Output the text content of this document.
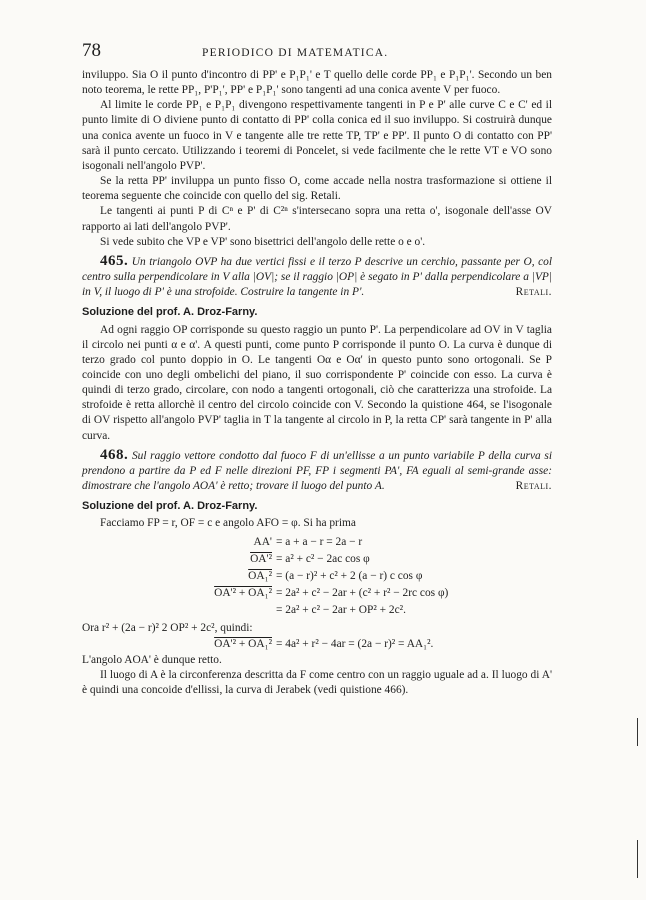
78	PERIODICO DI MATEMATICA.

inviluppo. Sia O il punto d'incontro di PP' e P₁P₁' e T quello delle corde PP₁ e P₁P₁'. Secondo un ben noto teorema, le rette PP₁, P'P₁', PP' e P₁P₁' sono tangenti ad una conica avente V per fuoco.

Al limite le corde PP₁ e P₁P₁ divengono respettivamente tangenti in P e P' alle curve C e C' ed il punto limite di O diviene punto di contatto di PP' colla conica ed il suo inviluppo. Si costruirà dunque una conica avente un fuoco in V e tangente alle tre rette TP, TP' e PP'. Il punto O di contatto con PP' sarà il punto cercato. Utilizzando i teoremi di Poncelet, si vede facilmente che le rette VT e VO sono isogonali nell'angolo PVP'.

Se la retta PP' inviluppa un punto fisso O, come accade nella nostra trasformazione si ottiene il teorema seguente che coincide con quello del sig. Retali.

Le tangenti ai punti P di Cⁿ e P' di C²ⁿ s'intersecano sopra una retta o', isogonale dell'asse OV rapporto ai lati dell'angolo PVP'.

Si vede subito che VP e VP' sono bisettrici dell'angolo delle rette o e o'.

465. Un triangolo OVP ha due vertici fissi e il terzo P descrive un cerchio, passante per O, col centro sulla perpendicolare in V alla |OV|; se il raggio |OP| è segato in P' dalla perpendicolare a |VP| in V, il luogo di P' è una strofoide. Costruire la tangente in P'.	Retali.

Soluzione del prof. A. Droz-Farny.

Ad ogni raggio OP corrisponde su questo raggio un punto P'. La perpendicolare ad OV in V taglia il circolo nei punti α e α'. A questi punti, come punto P corrisponde il punto O. La curva è dunque di terzo grado col punto doppio in O. Le tangenti Oα e Oα' in questo punto sono ortogonali. Se P coincide con uno degli ombelichi del piano, il suo corrispondente P' coincide con esso. La curva è quindi di terzo grado, circolare, con nodo a tangenti ortogonali, ciò che caratterizza una strofoide. La strofoide è retta allorchè il centro del circolo coincide con V. Secondo la quistione 464, se l'isogonale di OV rispetto all'angolo PVP' taglia in T la tangente al circolo in P, la retta CP' sarà tangente in P' alla curva.

468. Sul raggio vettore condotto dal fuoco F di un'ellisse a un punto variabile P della curva si prendono a partire da P ed F nelle direzioni PF, FP i segmenti PA', FA eguali al semi-grande asse: dimostrare che l'angolo AOA' è retto; trovare il luogo del punto A.	Retali.

Soluzione del prof. A. Droz-Farny.

Facciamo FP = r, OF = c e angolo AFO = φ. Si ha prima

AA' = a + a − r = 2a − r
OA'² = a² + c² − 2ac cos φ
OA₁² = (a − r)² + c² + 2 (a − r) c cos φ
OA'² + OA₁² = 2a² + c² − 2ar + (c² + r² − 2rc cos φ)
= 2a² + c² − 2ar + OP² + 2c².

Ora r² + (2a − r)² 2 OP² + 2c², quindi:

OA'² + OA₁² = 4a² + r² − 4ar = (2a − r)² = AA₁².

L'angolo AOA' è dunque retto.

Il luogo di A è la circonferenza descritta da F come centro con un raggio uguale ad a. Il luogo di A' è quindi una concoide d'ellissi, la curva di Jerabek (vedi quistione 466).
